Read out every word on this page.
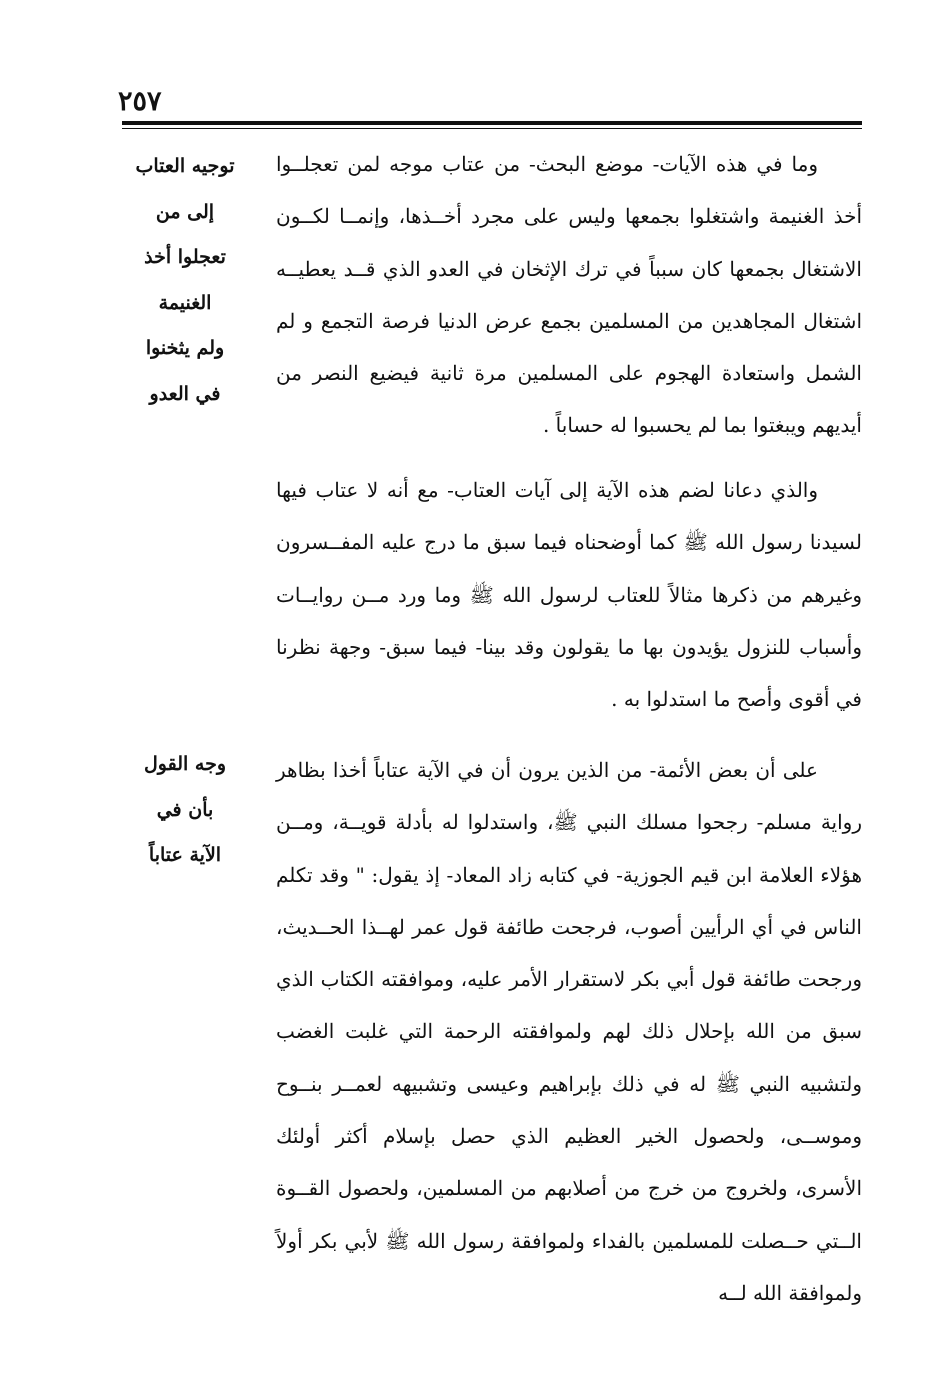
٢٥٧
توجيه العتاب
إلى من
تعجلوا أخذ
الغنيمة
ولم يثخنوا
في العدو
وجه القول
بأن في
الآية عتاباً

وما في هذه الآيات- موضع البحث- من عتاب موجه لمن تعجلــوا أخذ الغنيمة واشتغلوا بجمعها وليس على مجرد أخــذها، وإنمــا لكــون الاشتغال بجمعها كان سبباً في ترك الإثخان في العدو الذي قــد يعطيــه اشتغال المجاهدين من المسلمين بجمع عرض الدنيا فرصة التجمع و لم الشمل واستعادة الهجوم على المسلمين مرة ثانية فيضيع النصر من أيديهم ويبغتوا بما لم يحسبوا له حساباً .

والذي دعانا لضم هذه الآية إلى آيات العتاب- مع أنه لا عتاب فيها لسيدنا رسول الله ﷺ كما أوضحناه فيما سبق ما درج عليه المفــسرون وغيرهم من ذكرها مثالاً للعتاب لرسول الله ﷺ وما ورد مــن روايــات وأسباب للنزول يؤيدون بها ما يقولون وقد بينا- فيما سبق- وجهة نظرنا في أقوى وأصح ما استدلوا به .

على أن بعض الأئمة- من الذين يرون أن في الآية عتاباً أخذا بظاهر رواية مسلم- رجحوا مسلك النبي ﷺ، واستدلوا له بأدلة قويــة، ومــن هؤلاء العلامة ابن قيم الجوزية- في كتابه زاد المعاد- إذ يقول: " وقد تكلم الناس في أي الرأيين أصوب، فرجحت طائفة قول عمر لهــذا الحــديث، ورجحت طائفة قول أبي بكر لاستقرار الأمر عليه، وموافقته الكتاب الذي سبق من الله بإحلال ذلك لهم ولموافقته الرحمة التي غلبت الغضب ولتشبيه النبي ﷺ له في ذلك بإبراهيم وعيسى وتشبيهه لعمــر بنــوح وموســى، ولحصول الخير العظيم الذي حصل بإسلام أكثر أولئك الأسرى، ولخروج من خرج من أصلابهم من المسلمين، ولحصول القــوة الــتي حــصلت للمسلمين بالفداء ولموافقة رسول الله ﷺ لأبي بكر أولاً ولموافقة الله لــه
